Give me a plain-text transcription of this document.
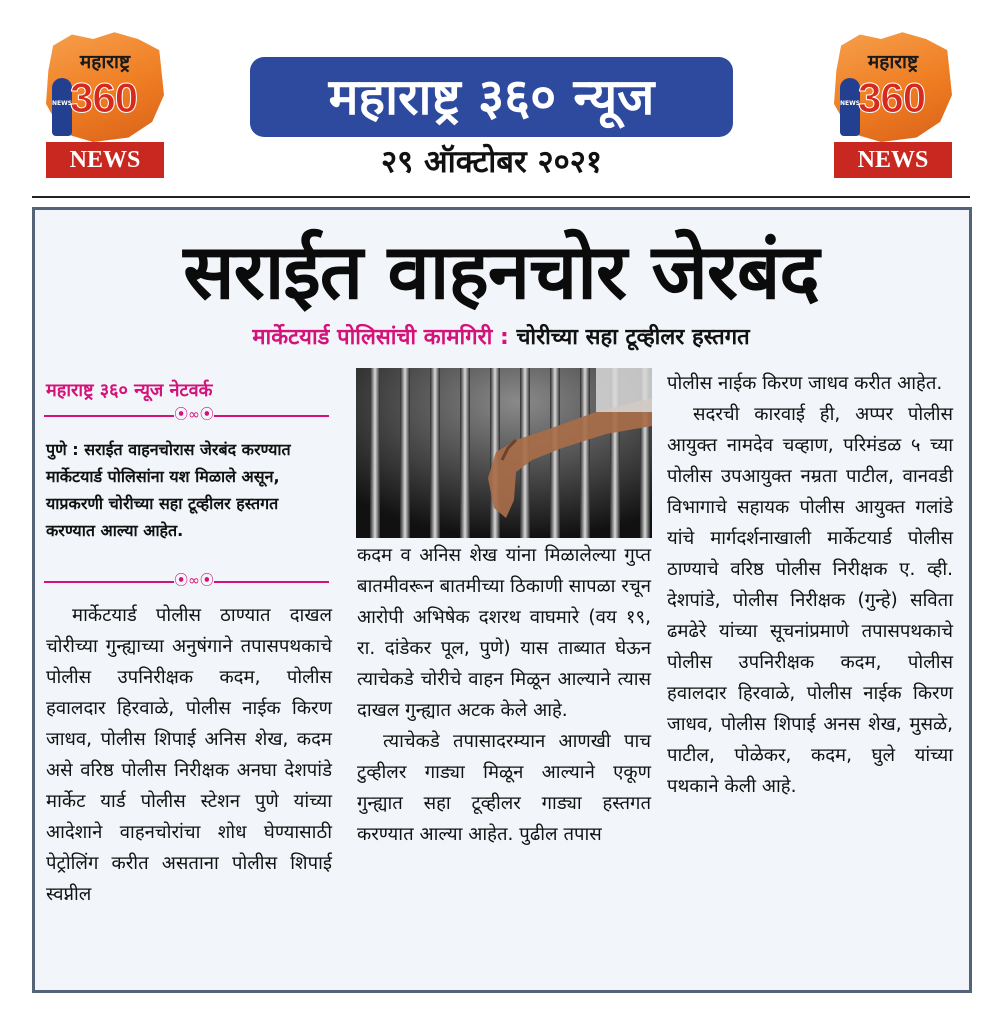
महाराष्ट्र
NEWS
360
NEWS
महाराष्ट्र
NEWS
360
NEWS
महाराष्ट्र ३६० न्यूज
२९ ऑक्टोबर २०२१
सराईत वाहनचोर जेरबंद
मार्केटयार्ड पोलिसांची कामगिरी : चोरीच्या सहा टूव्हीलर हस्तगत
महाराष्ट्र ३६० न्यूज नेटवर्क
⦿∞⦿
पुणे : सराईत वाहनचोरास जेरबंद करण्यात मार्केटयार्ड पोलिसांना यश मिळाले असून, याप्रकरणी चोरीच्या सहा टूव्हीलर हस्तगत करण्यात आल्या आहेत.
⦿∞⦿

मार्केटयार्ड पोलीस ठाण्यात दाखल चोरीच्या गुन्ह्याच्या अनुषंगाने तपासपथकाचे पोलीस उपनिरीक्षक कदम, पोलीस हवालदार हिरवाळे, पोलीस नाईक किरण जाधव, पोलीस शिपाई अनिस शेख, कदम असे वरिष्ठ पोलीस निरीक्षक अनघा देशपांडे मार्केट यार्ड पोलीस स्टेशन पुणे यांच्या आदेशाने वाहनचोरांचा शोध घेण्यासाठी पेट्रोलिंग करीत असताना पोलीस शिपाई स्वप्नील

कदम व अनिस शेख यांना मिळालेल्या गुप्त बातमीवरून बातमीच्या ठिकाणी सापळा रचून आरोपी अभिषेक दशरथ वाघमारे (वय १९, रा. दांडेकर पूल, पुणे) यास ताब्यात घेऊन त्याचेकडे चोरीचे वाहन मिळून आल्याने त्यास दाखल गुन्ह्यात अटक केले आहे.

त्याचेकडे तपासादरम्यान आणखी पाच टुव्हीलर गाड्या मिळून आल्याने एकूण गुन्ह्यात सहा टूव्हीलर गाड्या हस्तगत करण्यात आल्या आहेत. पुढील तपास

पोलीस नाईक किरण जाधव करीत आहेत.

सदरची कारवाई ही, अप्पर पोलीस आयुक्त नामदेव चव्हाण, परिमंडळ ५ च्या पोलीस उपआयुक्त नम्रता पाटील, वानवडी विभागाचे सहायक पोलीस आयुक्त गलांडे यांचे मार्गदर्शनाखाली मार्केटयार्ड पोलीस ठाण्याचे वरिष्ठ पोलीस निरीक्षक ए. व्ही. देशपांडे, पोलीस निरीक्षक (गुन्हे) सविता ढमढेरे यांच्या सूचनांप्रमाणे तपासपथकाचे पोलीस उपनिरीक्षक कदम, पोलीस हवालदार हिरवाळे, पोलीस नाईक किरण जाधव, पोलीस शिपाई अनस शेख, मुसळे, पाटील, पोळेकर, कदम, घुले यांच्या पथकाने केली आहे.
